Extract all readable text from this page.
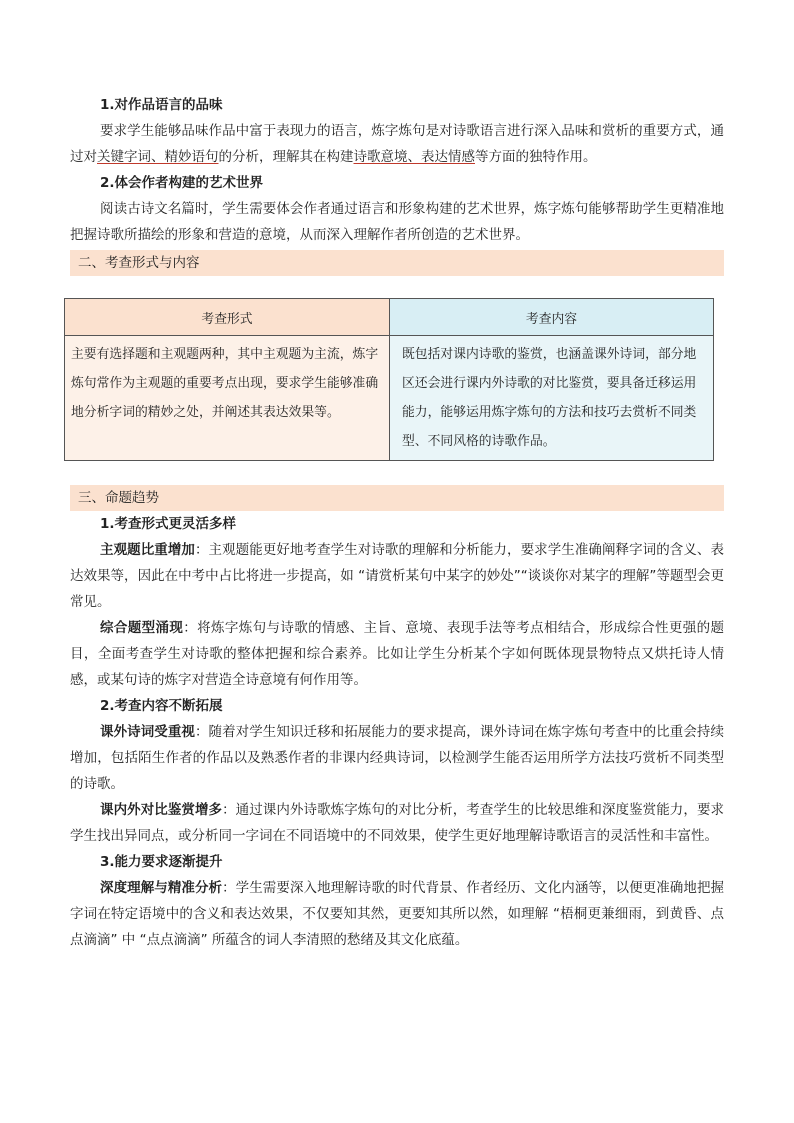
1.对作品语言的品味

要求学生能够品味作品中富于表现力的语言，炼字炼句是对诗歌语言进行深入品味和赏析的重要方式，通过对关键字词、精妙语句的分析，理解其在构建诗歌意境、表达情感等方面的独特作用。

2.体会作者构建的艺术世界

阅读古诗文名篇时，学生需要体会作者通过语言和形象构建的艺术世界，炼字炼句能够帮助学生更精准地把握诗歌所描绘的形象和营造的意境，从而深入理解作者所创造的艺术世界。

二、考查形式与内容
考查形式	考查内容
主要有选择题和主观题两种，其中主观题为主流，炼字炼句常作为主观题的重要考点出现，要求学生能够准确地分析字词的精妙之处，并阐述其表达效果等。	既包括对课内诗歌的鉴赏，也涵盖课外诗词，部分地区还会进行课内外诗歌的对比鉴赏，要具备迁移运用能力，能够运用炼字炼句的方法和技巧去赏析不同类型、不同风格的诗歌作品。
三、命题趋势

1.考查形式更灵活多样

主观题比重增加：主观题能更好地考查学生对诗歌的理解和分析能力，要求学生准确阐释字词的含义、表达效果等，因此在中考中占比将进一步提高，如 “请赏析某句中某字的妙处”“谈谈你对某字的理解”等题型会更常见。

综合题型涌现：将炼字炼句与诗歌的情感、主旨、意境、表现手法等考点相结合，形成综合性更强的题目，全面考查学生对诗歌的整体把握和综合素养。比如让学生分析某个字如何既体现景物特点又烘托诗人情感，或某句诗的炼字对营造全诗意境有何作用等。

2.考查内容不断拓展

课外诗词受重视：随着对学生知识迁移和拓展能力的要求提高，课外诗词在炼字炼句考查中的比重会持续增加，包括陌生作者的作品以及熟悉作者的非课内经典诗词，以检测学生能否运用所学方法技巧赏析不同类型的诗歌。

课内外对比鉴赏增多：通过课内外诗歌炼字炼句的对比分析，考查学生的比较思维和深度鉴赏能力，要求学生找出异同点，或分析同一字词在不同语境中的不同效果，使学生更好地理解诗歌语言的灵活性和丰富性。

3.能力要求逐渐提升

深度理解与精准分析：学生需要深入地理解诗歌的时代背景、作者经历、文化内涵等，以便更准确地把握字词在特定语境中的含义和表达效果，不仅要知其然，更要知其所以然，如理解 “梧桐更兼细雨，到黄昏、点点滴滴” 中 “点点滴滴” 所蕴含的词人李清照的愁绪及其文化底蕴。
